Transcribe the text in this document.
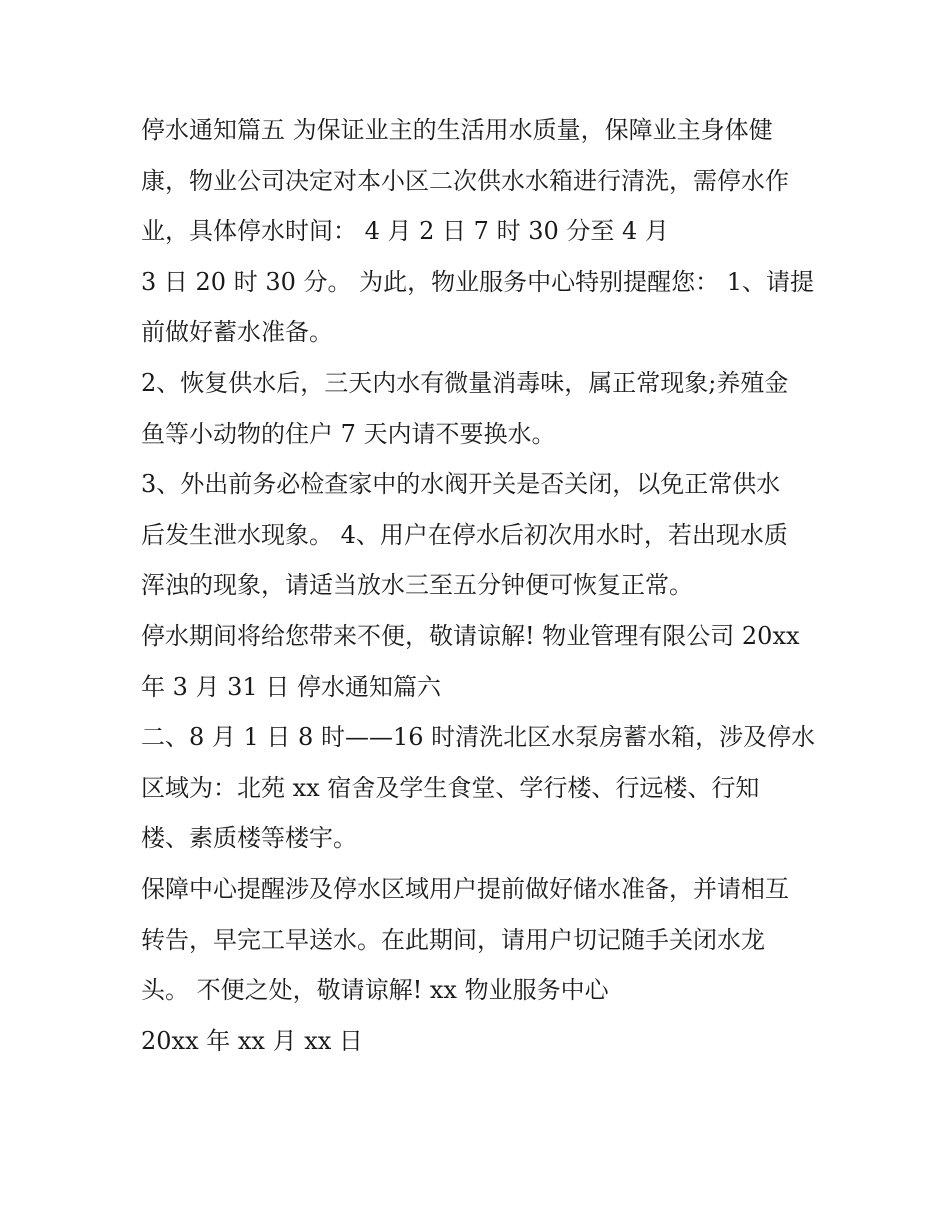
停水通知篇五 为保证业主的生活用水质量，保障业主身体健

康，物业公司决定对本小区二次供水水箱进行清洗，需停水作

业，具体停水时间： 4 月 2 日 7 时 30 分至 4 月

3 日 20 时 30 分。 为此，物业服务中心特别提醒您： 1、请提

前做好蓄水准备。

2、恢复供水后，三天内水有微量消毒味，属正常现象;养殖金

鱼等小动物的住户 7 天内请不要换水。

3、外出前务必检查家中的水阀开关是否关闭，以免正常供水

后发生泄水现象。 4、用户在停水后初次用水时，若出现水质

浑浊的现象，请适当放水三至五分钟便可恢复正常。

停水期间将给您带来不便，敬请谅解! 物业管理有限公司 20xx

年 3 月 31 日 停水通知篇六

二、8 月 1 日 8 时——16 时清洗北区水泵房蓄水箱，涉及停水

区域为：北苑 xx 宿舍及学生食堂、学行楼、行远楼、行知

楼、素质楼等楼宇。

保障中心提醒涉及停水区域用户提前做好储水准备，并请相互

转告，早完工早送水。在此期间，请用户切记随手关闭水龙

头。 不便之处，敬请谅解! xx 物业服务中心

20xx 年 xx 月 xx 日
